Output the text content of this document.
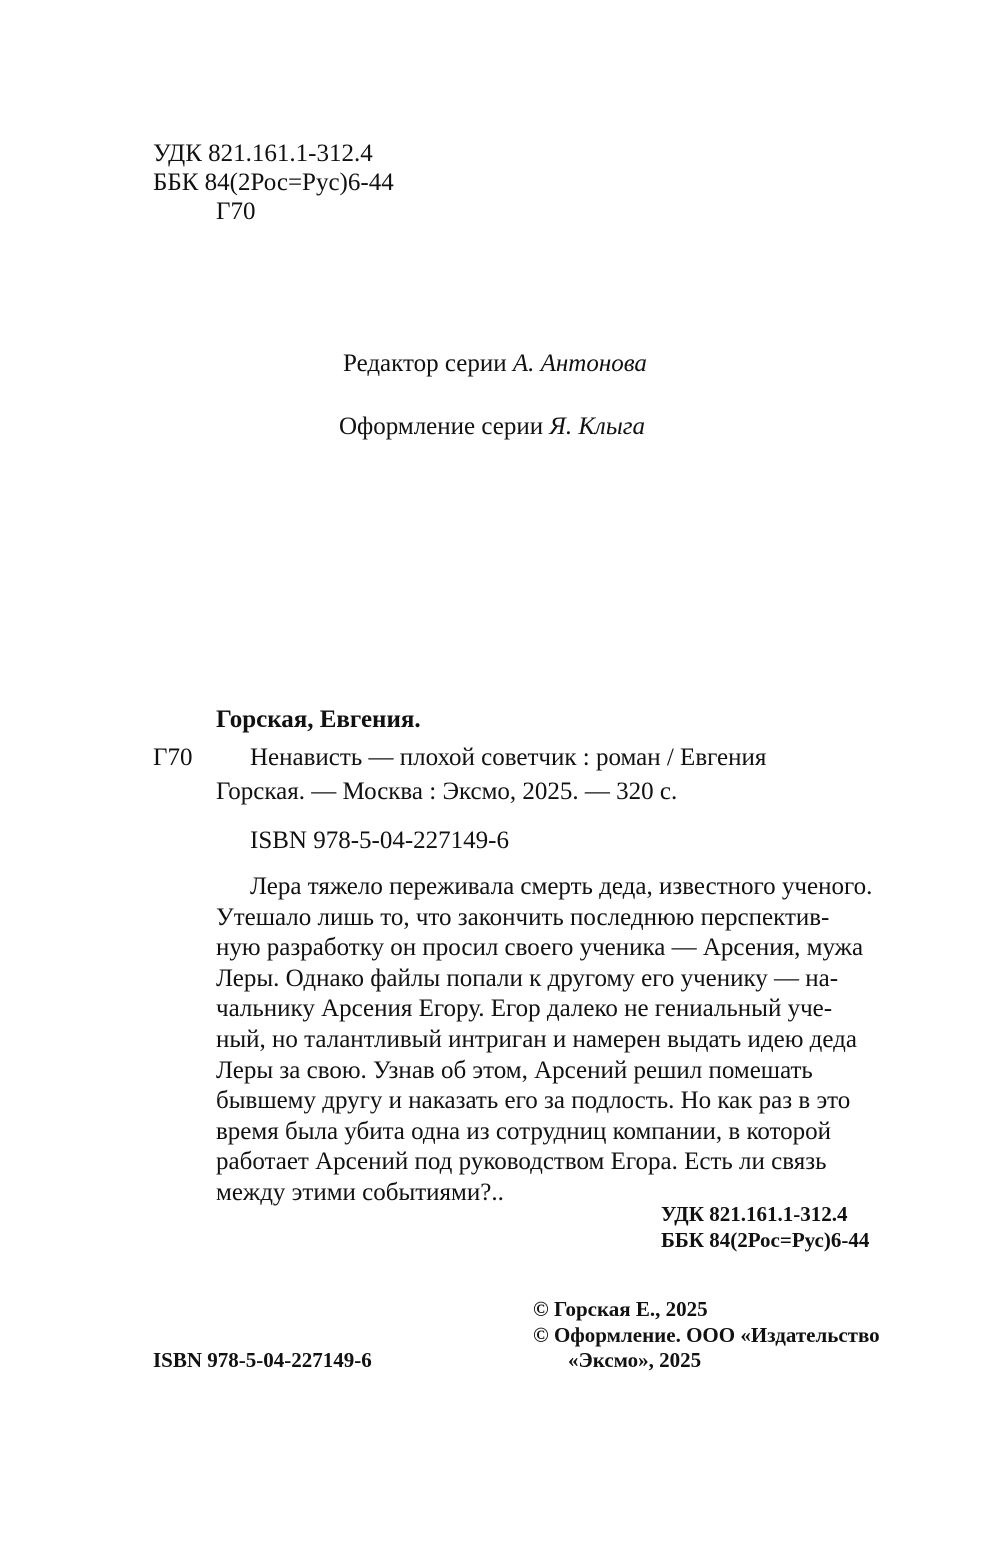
УДК 821.161.1-312.4
ББК 84(2Рос=Рус)6-44
Г70
Редактор серии А. Антонова
Оформление серии Я. Клыга
Горская, Евгения.
Г70 Ненависть — плохой советчик : роман / Евгения
Горская. — Москва : Эксмо, 2025. — 320 с.
ISBN 978-5-04-227149-6
Лера тяжело переживала смерть деда, известного ученого.
Утешало лишь то, что закончить последнюю перспектив-
ную разработку он просил своего ученика — Арсения, мужа
Леры. Однако файлы попали к другому его ученику — на-
чальнику Арсения Егору. Егор далеко не гениальный уче-
ный, но талантливый интриган и намерен выдать идею деда
Леры за свою. Узнав об этом, Арсений решил помешать
бывшему другу и наказать его за подлость. Но как раз в это
время была убита одна из сотрудниц компании, в которой
работает Арсений под руководством Егора. Есть ли связь
между этими событиями?..
УДК 821.161.1-312.4
ББК 84(2Рос=Рус)6-44
ISBN 978-5-04-227149-6
© Горская Е., 2025
© Оформление. ООО «Издательство
«Эксмо», 2025
